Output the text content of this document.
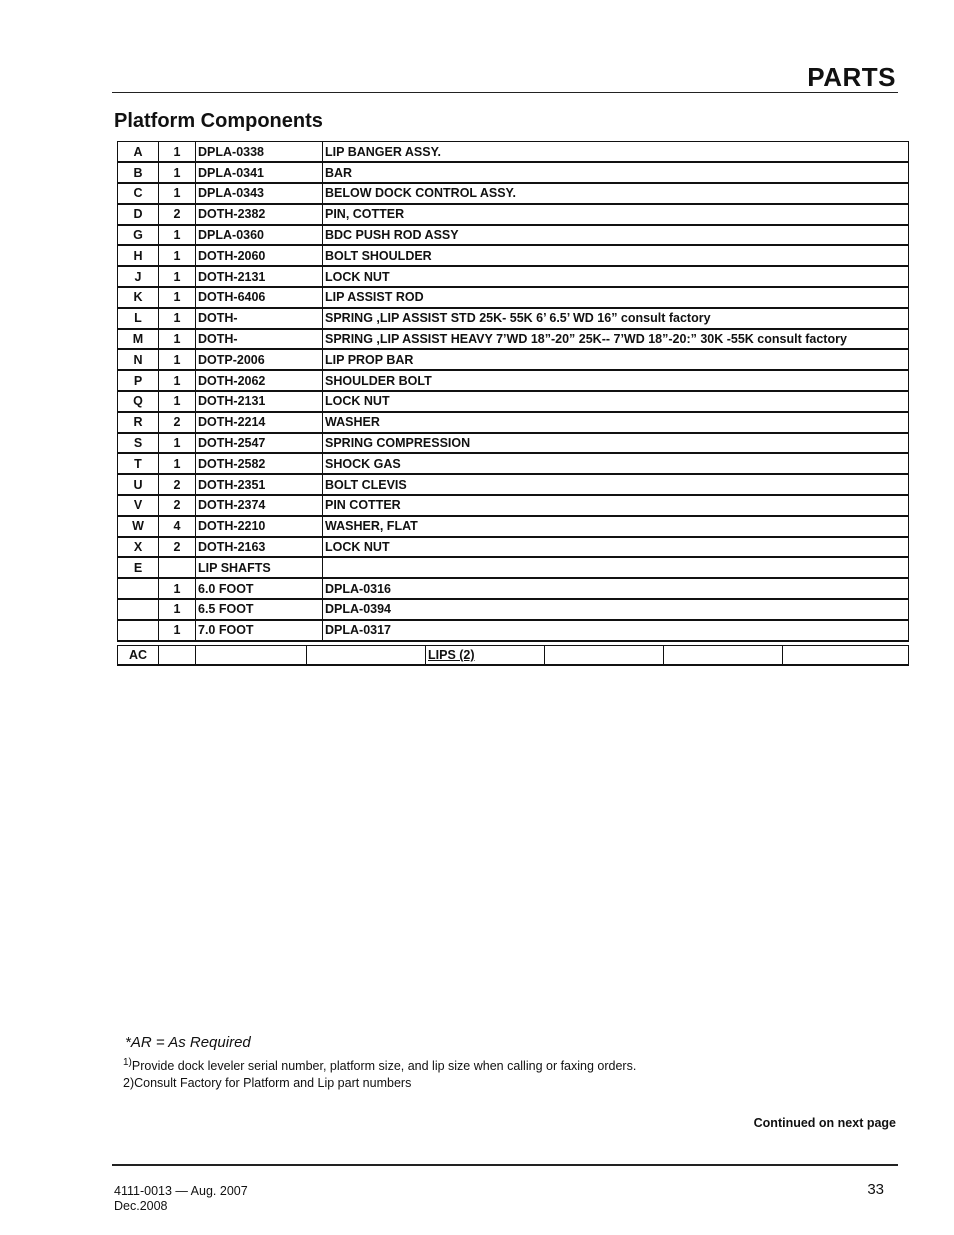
PARTS
Platform Components
A	1	DPLA-0338	LIP BANGER ASSY.
B	1	DPLA-0341	BAR
C	1	DPLA-0343	BELOW DOCK CONTROL ASSY.
D	2	DOTH-2382	PIN, COTTER
G	1	DPLA-0360	BDC PUSH ROD ASSY
H	1	DOTH-2060	BOLT SHOULDER
J	1	DOTH-2131	LOCK NUT
K	1	DOTH-6406	LIP ASSIST ROD
L	1	DOTH-	SPRING ,LIP ASSIST STD 25K- 55K 6’ 6.5’ WD 16” consult factory
M	1	DOTH-	SPRING ,LIP ASSIST HEAVY 7’WD 18”-20” 25K-- 7’WD 18”-20:” 30K -55K consult factory
N	1	DOTP-2006	LIP PROP BAR
P	1	DOTH-2062	SHOULDER BOLT
Q	1	DOTH-2131	LOCK NUT
R	2	DOTH-2214	WASHER
S	1	DOTH-2547	SPRING COMPRESSION
T	1	DOTH-2582	SHOCK GAS
U	2	DOTH-2351	BOLT CLEVIS
V	2	DOTH-2374	PIN COTTER
W	4	DOTH-2210	WASHER, FLAT
X	2	DOTH-2163	LOCK NUT
E		LIP SHAFTS	
	1	6.0 FOOT	DPLA-0316
	1	6.5 FOOT	DPLA-0394
	1	7.0 FOOT	DPLA-0317
AC				LIPS (2)			
*AR = As Required
$^{1)}$Provide dock leveler serial number, platform size, and lip size when calling or faxing orders.
2)Consult Factory for Platform and Lip part numbers
Continued on next page
4111-0013 — Aug. 2007
Dec.2008
33
